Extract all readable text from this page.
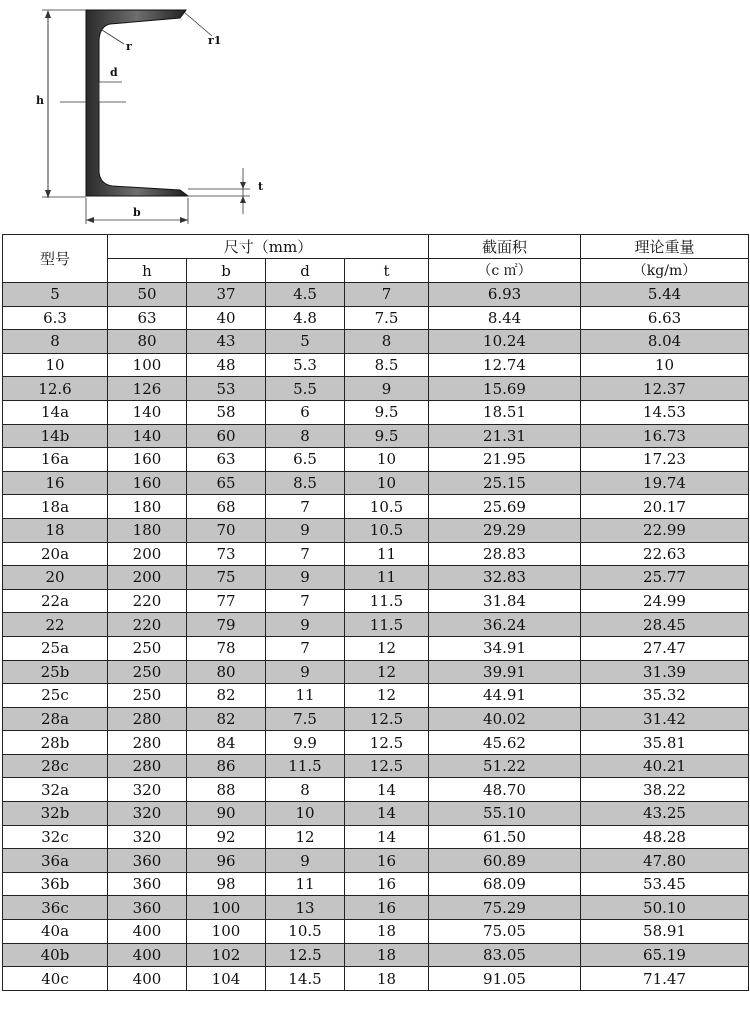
h
d
r	r1
t
b
型号	尺寸（mm）				截面积	理论重量
	h	b	d	t	（c ㎡）	（kg/m）
5	50	37	4.5	7	6.93	5.44
6.3	63	40	4.8	7.5	8.44	6.63
8	80	43	5	8	10.24	8.04
10	100	48	5.3	8.5	12.74	10
12.6	126	53	5.5	9	15.69	12.37
14a	140	58	6	9.5	18.51	14.53
14b	140	60	8	9.5	21.31	16.73
16a	160	63	6.5	10	21.95	17.23
16	160	65	8.5	10	25.15	19.74
18a	180	68	7	10.5	25.69	20.17
18	180	70	9	10.5	29.29	22.99
20a	200	73	7	11	28.83	22.63
20	200	75	9	11	32.83	25.77
22a	220	77	7	11.5	31.84	24.99
22	220	79	9	11.5	36.24	28.45
25a	250	78	7	12	34.91	27.47
25b	250	80	9	12	39.91	31.39
25c	250	82	11	12	44.91	35.32
28a	280	82	7.5	12.5	40.02	31.42
28b	280	84	9.9	12.5	45.62	35.81
28c	280	86	11.5	12.5	51.22	40.21
32a	320	88	8	14	48.70	38.22
32b	320	90	10	14	55.10	43.25
32c	320	92	12	14	61.50	48.28
36a	360	96	9	16	60.89	47.80
36b	360	98	11	16	68.09	53.45
36c	360	100	13	16	75.29	50.10
40a	400	100	10.5	18	75.05	58.91
40b	400	102	12.5	18	83.05	65.19
40c	400	104	14.5	18	91.05	71.47
